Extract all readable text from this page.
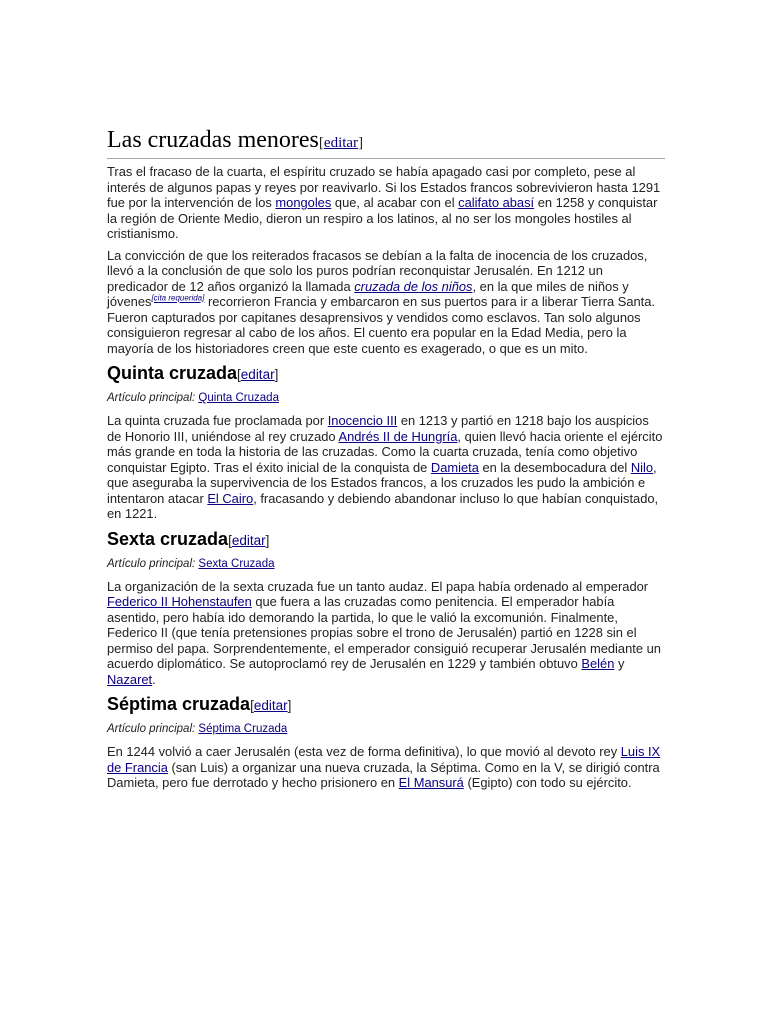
Las cruzadas menores[editar]

Tras el fracaso de la cuarta, el espíritu cruzado se había apagado casi por completo, pese al interés de algunos papas y reyes por reavivarlo. Si los Estados francos sobrevivieron hasta 1291 fue por la intervención de los mongoles que, al acabar con el califato abasí en 1258 y conquistar la región de Oriente Medio, dieron un respiro a los latinos, al no ser los mongoles hostiles al cristianismo.

La convicción de que los reiterados fracasos se debían a la falta de inocencia de los cruzados, llevó a la conclusión de que solo los puros podrían reconquistar Jerusalén. En 1212 un predicador de 12 años organizó la llamada cruzada de los niños, en la que miles de niños y jóvenes[cita requerida] recorrieron Francia y embarcaron en sus puertos para ir a liberar Tierra Santa. Fueron capturados por capitanes desaprensivos y vendidos como esclavos. Tan solo algunos consiguieron regresar al cabo de los años. El cuento era popular en la Edad Media, pero la mayoría de los historiadores creen que este cuento es exagerado, o que es un mito.

Quinta cruzada[editar]
Artículo principal: Quinta Cruzada

La quinta cruzada fue proclamada por Inocencio III en 1213 y partió en 1218 bajo los auspicios de Honorio III, uniéndose al rey cruzado Andrés II de Hungría, quien llevó hacia oriente el ejército más grande en toda la historia de las cruzadas. Como la cuarta cruzada, tenía como objetivo conquistar Egipto. Tras el éxito inicial de la conquista de Damieta en la desembocadura del Nilo, que aseguraba la supervivencia de los Estados francos, a los cruzados les pudo la ambición e intentaron atacar El Cairo, fracasando y debiendo abandonar incluso lo que habían conquistado, en 1221.

Sexta cruzada[editar]
Artículo principal: Sexta Cruzada

La organización de la sexta cruzada fue un tanto audaz. El papa había ordenado al emperador Federico II Hohenstaufen que fuera a las cruzadas como penitencia. El emperador había asentido, pero había ido demorando la partida, lo que le valió la excomunión. Finalmente, Federico II (que tenía pretensiones propias sobre el trono de Jerusalén) partió en 1228 sin el permiso del papa. Sorprendentemente, el emperador consiguió recuperar Jerusalén mediante un acuerdo diplomático. Se autoproclamó rey de Jerusalén en 1229 y también obtuvo Belén y Nazaret.

Séptima cruzada[editar]
Artículo principal: Séptima Cruzada

En 1244 volvió a caer Jerusalén (esta vez de forma definitiva), lo que movió al devoto rey Luis IX de Francia (san Luis) a organizar una nueva cruzada, la Séptima. Como en la V, se dirigió contra Damieta, pero fue derrotado y hecho prisionero en El Mansurá (Egipto) con todo su ejército.
